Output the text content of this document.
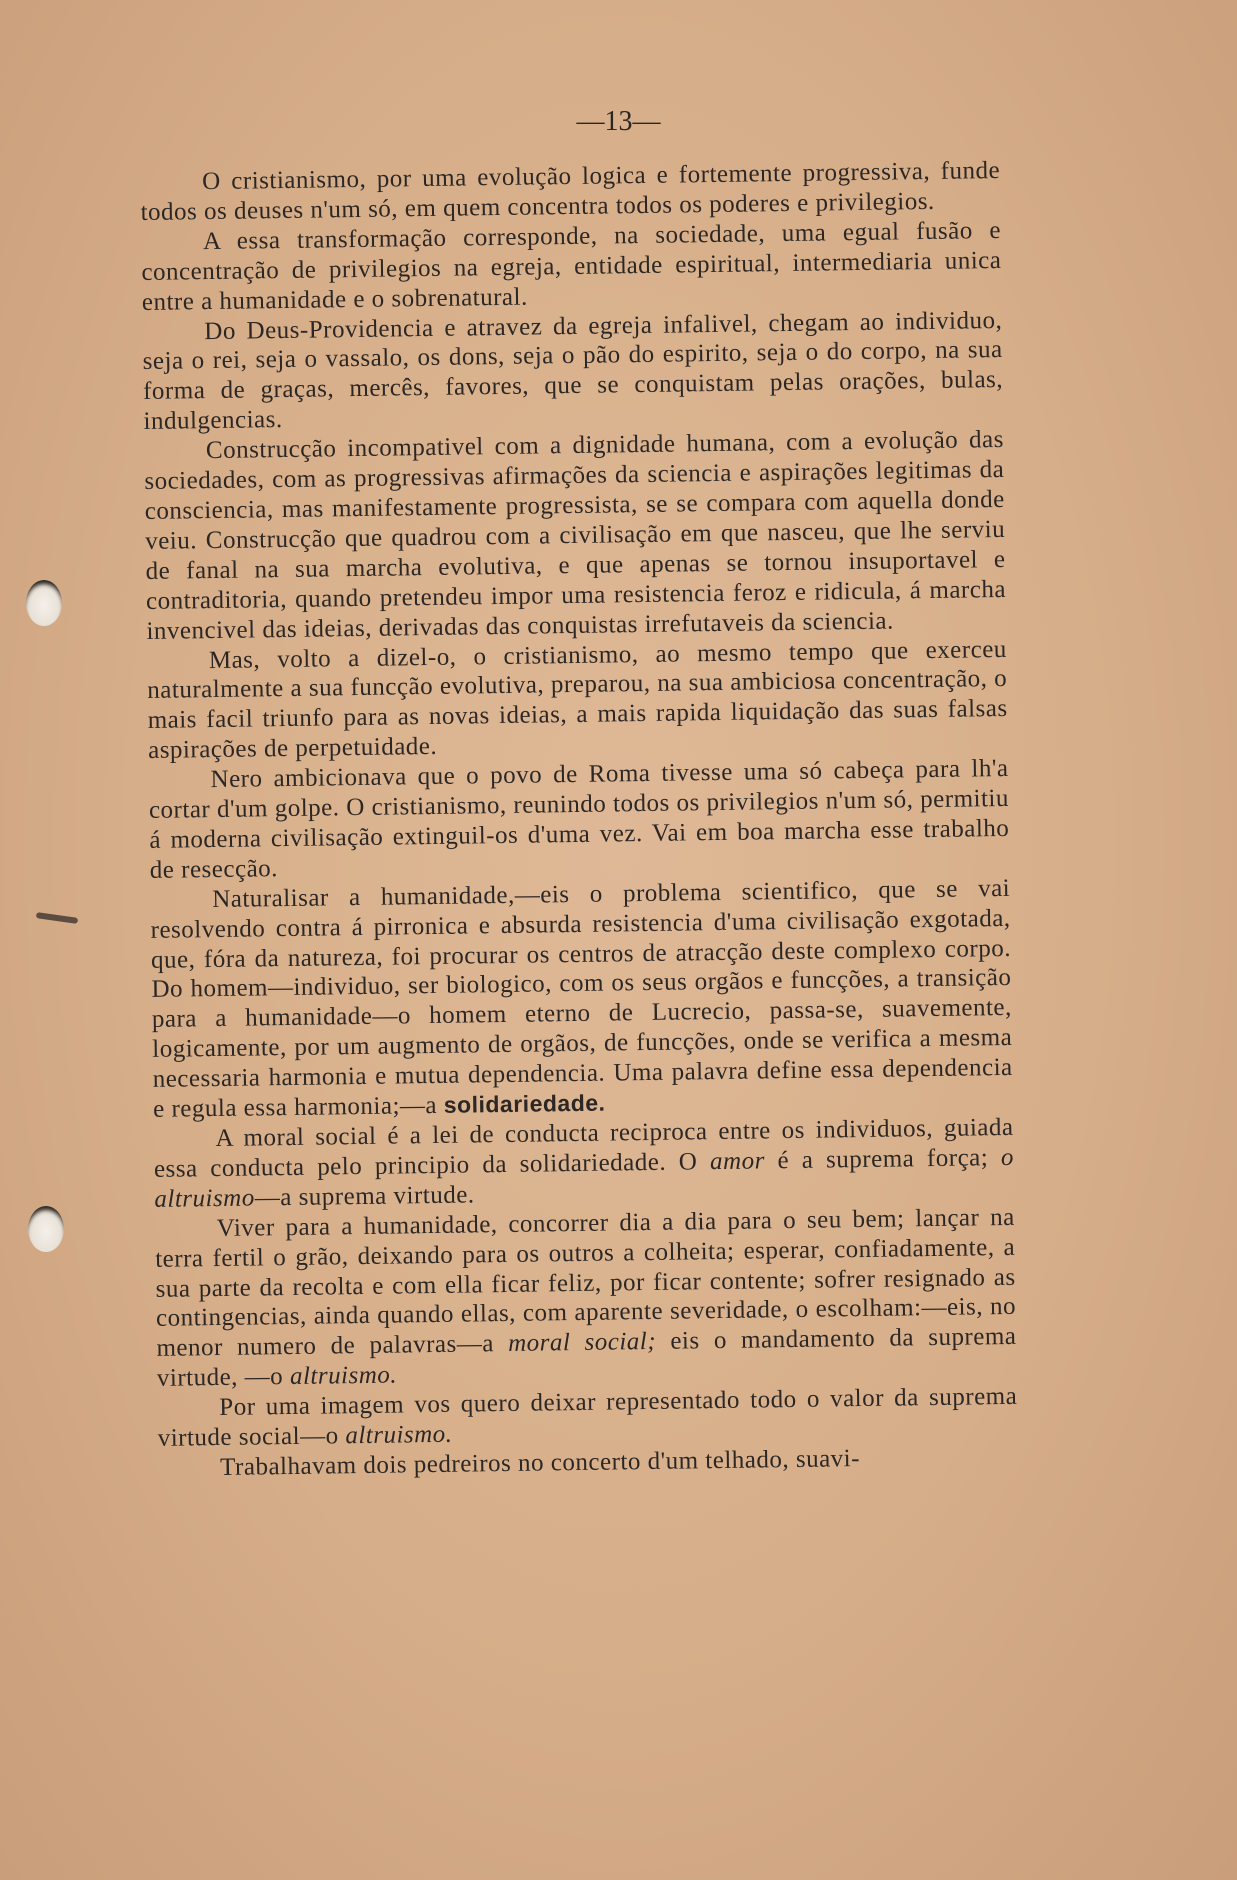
—13—

O cristianismo, por uma evolução logica e fortemente progressiva, funde todos os deuses n'um só, em quem concentra todos os poderes e privilegios.

A essa transformação corresponde, na sociedade, uma egual fusão e concentração de privilegios na egreja, entidade espiritual, intermediaria unica entre a humanidade e o sobrenatural.

Do Deus-Providencia e atravez da egreja infalivel, chegam ao individuo, seja o rei, seja o vassalo, os dons, seja o pão do espirito, seja o do corpo, na sua forma de graças, mercês, favores, que se conquistam pelas orações, bulas, indulgencias.

Construcção incompativel com a dignidade humana, com a evolução das sociedades, com as progressivas afirmações da sciencia e aspirações legitimas da consciencia, mas manifestamente progressista, se se compara com aquella donde veiu. Construcção que quadrou com a civilisação em que nasceu, que lhe serviu de fanal na sua marcha evolutiva, e que apenas se tornou insuportavel e contraditoria, quando pretendeu impor uma resistencia feroz e ridicula, á marcha invencivel das ideias, derivadas das conquistas irrefutaveis da sciencia.

Mas, volto a dizel-o, o cristianismo, ao mesmo tempo que exerceu naturalmente a sua funcção evolutiva, preparou, na sua ambiciosa concentração, o mais facil triunfo para as novas ideias, a mais rapida liquidação das suas falsas aspirações de perpetuidade.

Nero ambicionava que o povo de Roma tivesse uma só cabeça para lh'a cortar d'um golpe. O cristianismo, reunindo todos os privilegios n'um só, permitiu á moderna civilisação extinguil-os d'uma vez. Vai em boa marcha esse trabalho de resecção.

Naturalisar a humanidade,—eis o problema scientifico, que se vai resolvendo contra á pirronica e absurda resistencia d'uma civilisação exgotada, que, fóra da natureza, foi procurar os centros de atracção deste complexo corpo. Do homem—individuo, ser biologico, com os seus orgãos e funcções, a transição para a humanidade—o homem eterno de Lucrecio, passa-se, suavemente, logicamente, por um augmento de orgãos, de funcções, onde se verifica a mesma necessaria harmonia e mutua dependencia. Uma palavra define essa dependencia e regula essa harmonia;—a solidariedade.

A moral social é a lei de conducta reciproca entre os individuos, guiada essa conducta pelo principio da solidariedade. O amor é a suprema força; o altruismo—a suprema virtude.

Viver para a humanidade, concorrer dia a dia para o seu bem; lançar na terra fertil o grão, deixando para os outros a colheita; esperar, confiadamente, a sua parte da recolta e com ella ficar feliz, por ficar contente; sofrer resignado as contingencias, ainda quando ellas, com aparente severidade, o escolham:—eis, no menor numero de palavras—a moral social; eis o mandamento da suprema virtude, —o altruismo.

Por uma imagem vos quero deixar representado todo o valor da suprema virtude social—o altruismo.

Trabalhavam dois pedreiros no concerto d'um telhado, suavi-
